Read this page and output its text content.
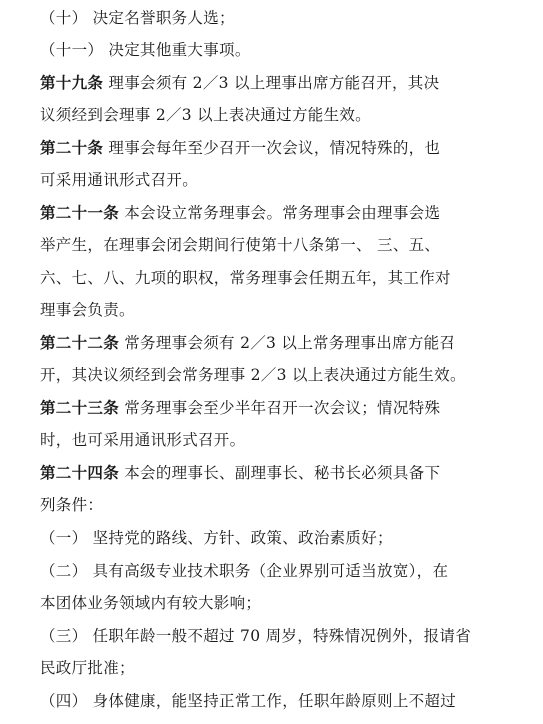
（十） 决定名誉职务人选；
（十一） 决定其他重大事项。
第十九条 理事会须有 2／3 以上理事出席方能召开，其决
议须经到会理事 2／3 以上表决通过方能生效。
第二十条 理事会每年至少召开一次会议，情况特殊的，也
可采用通讯形式召开。
第二十一条 本会设立常务理事会。常务理事会由理事会选
举产生，在理事会闭会期间行使第十八条第一、 三、五、
六、七、八、九项的职权，常务理事会任期五年，其工作对
理事会负责。
第二十二条 常务理事会须有 2／3 以上常务理事出席方能召
开，其决议须经到会常务理事 2／3 以上表决通过方能生效。
第二十三条 常务理事会至少半年召开一次会议；情况特殊
时，也可采用通讯形式召开。
第二十四条 本会的理事长、副理事长、秘书长必须具备下
列条件：
（一） 坚持党的路线、方针、政策、政治素质好；
（二） 具有高级专业技术职务（企业界别可适当放宽），在
本团体业务领域内有较大影响；
（三） 任职年龄一般不超过 70 周岁，特殊情况例外，报请省
民政厅批准；
（四） 身体健康，能坚持正常工作，任职年龄原则上不超过
